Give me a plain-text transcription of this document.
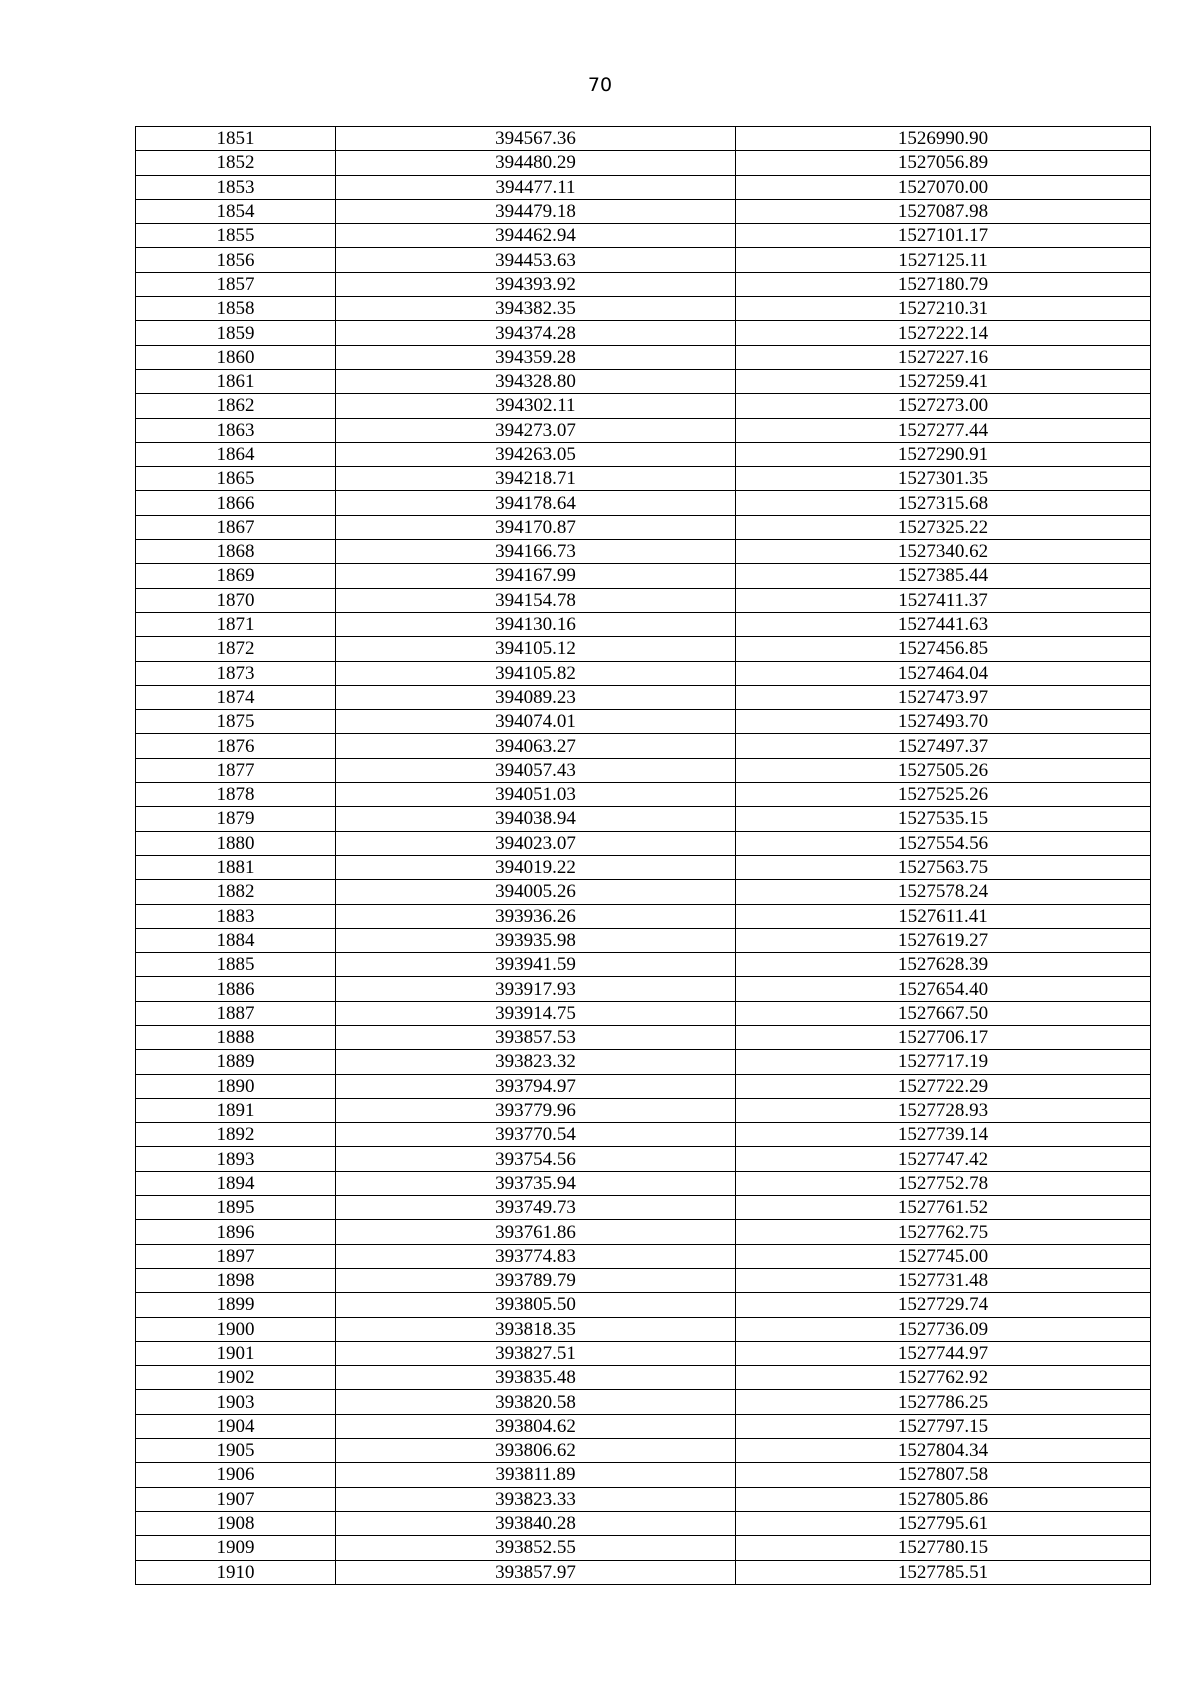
70
1851	394567.36	1526990.90
1852	394480.29	1527056.89
1853	394477.11	1527070.00
1854	394479.18	1527087.98
1855	394462.94	1527101.17
1856	394453.63	1527125.11
1857	394393.92	1527180.79
1858	394382.35	1527210.31
1859	394374.28	1527222.14
1860	394359.28	1527227.16
1861	394328.80	1527259.41
1862	394302.11	1527273.00
1863	394273.07	1527277.44
1864	394263.05	1527290.91
1865	394218.71	1527301.35
1866	394178.64	1527315.68
1867	394170.87	1527325.22
1868	394166.73	1527340.62
1869	394167.99	1527385.44
1870	394154.78	1527411.37
1871	394130.16	1527441.63
1872	394105.12	1527456.85
1873	394105.82	1527464.04
1874	394089.23	1527473.97
1875	394074.01	1527493.70
1876	394063.27	1527497.37
1877	394057.43	1527505.26
1878	394051.03	1527525.26
1879	394038.94	1527535.15
1880	394023.07	1527554.56
1881	394019.22	1527563.75
1882	394005.26	1527578.24
1883	393936.26	1527611.41
1884	393935.98	1527619.27
1885	393941.59	1527628.39
1886	393917.93	1527654.40
1887	393914.75	1527667.50
1888	393857.53	1527706.17
1889	393823.32	1527717.19
1890	393794.97	1527722.29
1891	393779.96	1527728.93
1892	393770.54	1527739.14
1893	393754.56	1527747.42
1894	393735.94	1527752.78
1895	393749.73	1527761.52
1896	393761.86	1527762.75
1897	393774.83	1527745.00
1898	393789.79	1527731.48
1899	393805.50	1527729.74
1900	393818.35	1527736.09
1901	393827.51	1527744.97
1902	393835.48	1527762.92
1903	393820.58	1527786.25
1904	393804.62	1527797.15
1905	393806.62	1527804.34
1906	393811.89	1527807.58
1907	393823.33	1527805.86
1908	393840.28	1527795.61
1909	393852.55	1527780.15
1910	393857.97	1527785.51
